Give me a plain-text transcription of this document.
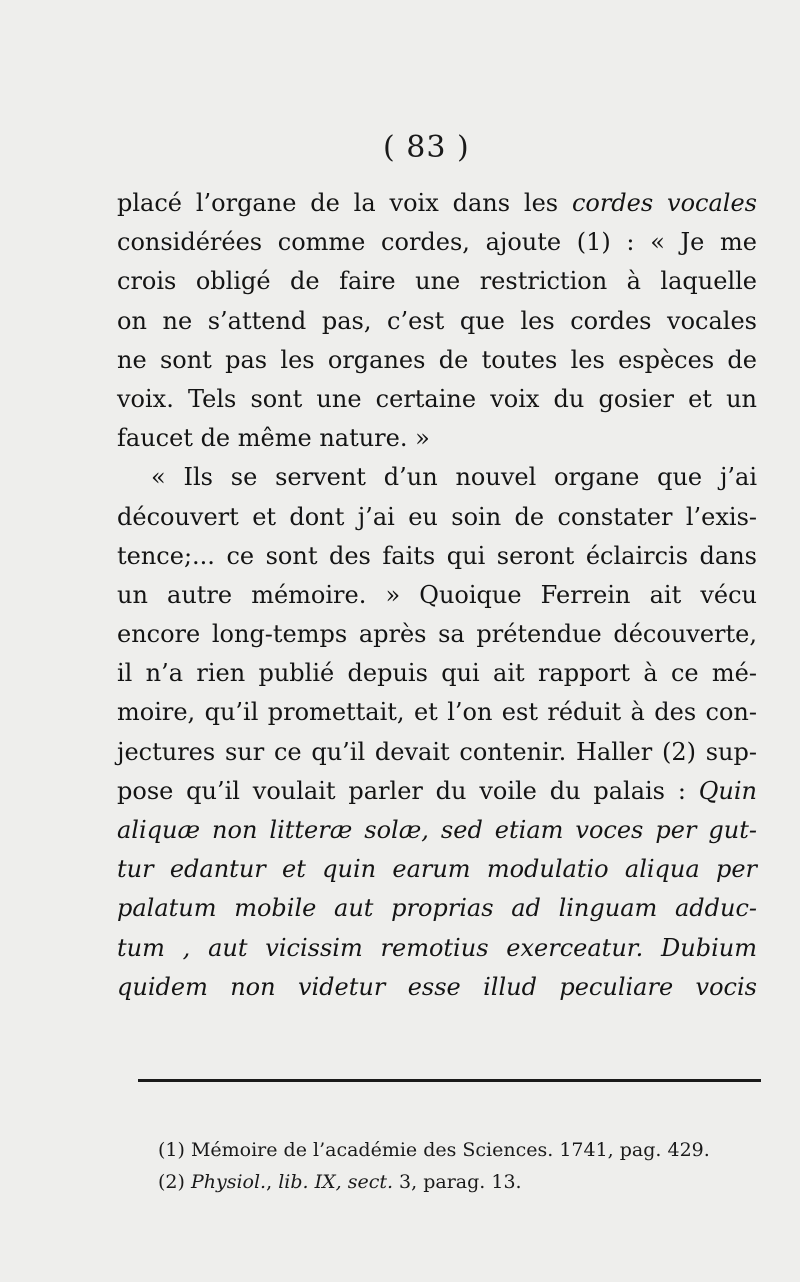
( 83 )
placé l’organe de la voix dans les cordes vocales
considérées comme cordes, ajoute (1) : « Je me
crois obligé de faire une restriction à laquelle
on ne s’attend pas, c’est que les cordes vocales
ne sont pas les organes de toutes les espèces de
voix. Tels sont une certaine voix du gosier et un
faucet de même nature. »
« Ils se servent d’un nouvel organe que j’ai
découvert et dont j’ai eu soin de constater l’exis-
tence;... ce sont des faits qui seront éclaircis dans
un autre mémoire. » Quoique Ferrein ait vécu
encore long-temps après sa prétendue découverte,
il n’a rien publié depuis qui ait rapport à ce mé-
moire, qu’il promettait, et l’on est réduit à des con-
jectures sur ce qu’il devait contenir. Haller (2) sup-
pose qu’il voulait parler du voile du palais : Quin
aliquæ non litteræ solæ, sed etiam voces per gut-
tur edantur et quin earum modulatio aliqua per
palatum mobile aut proprias ad linguam adduc-
tum , aut vicissim remotius exerceatur. Dubium
quidem non videtur esse illud peculiare vocis
(1) Mémoire de l’académie des Sciences. 1741, pag. 429.
(2) Physiol., lib. IX, sect. 3, parag. 13.
